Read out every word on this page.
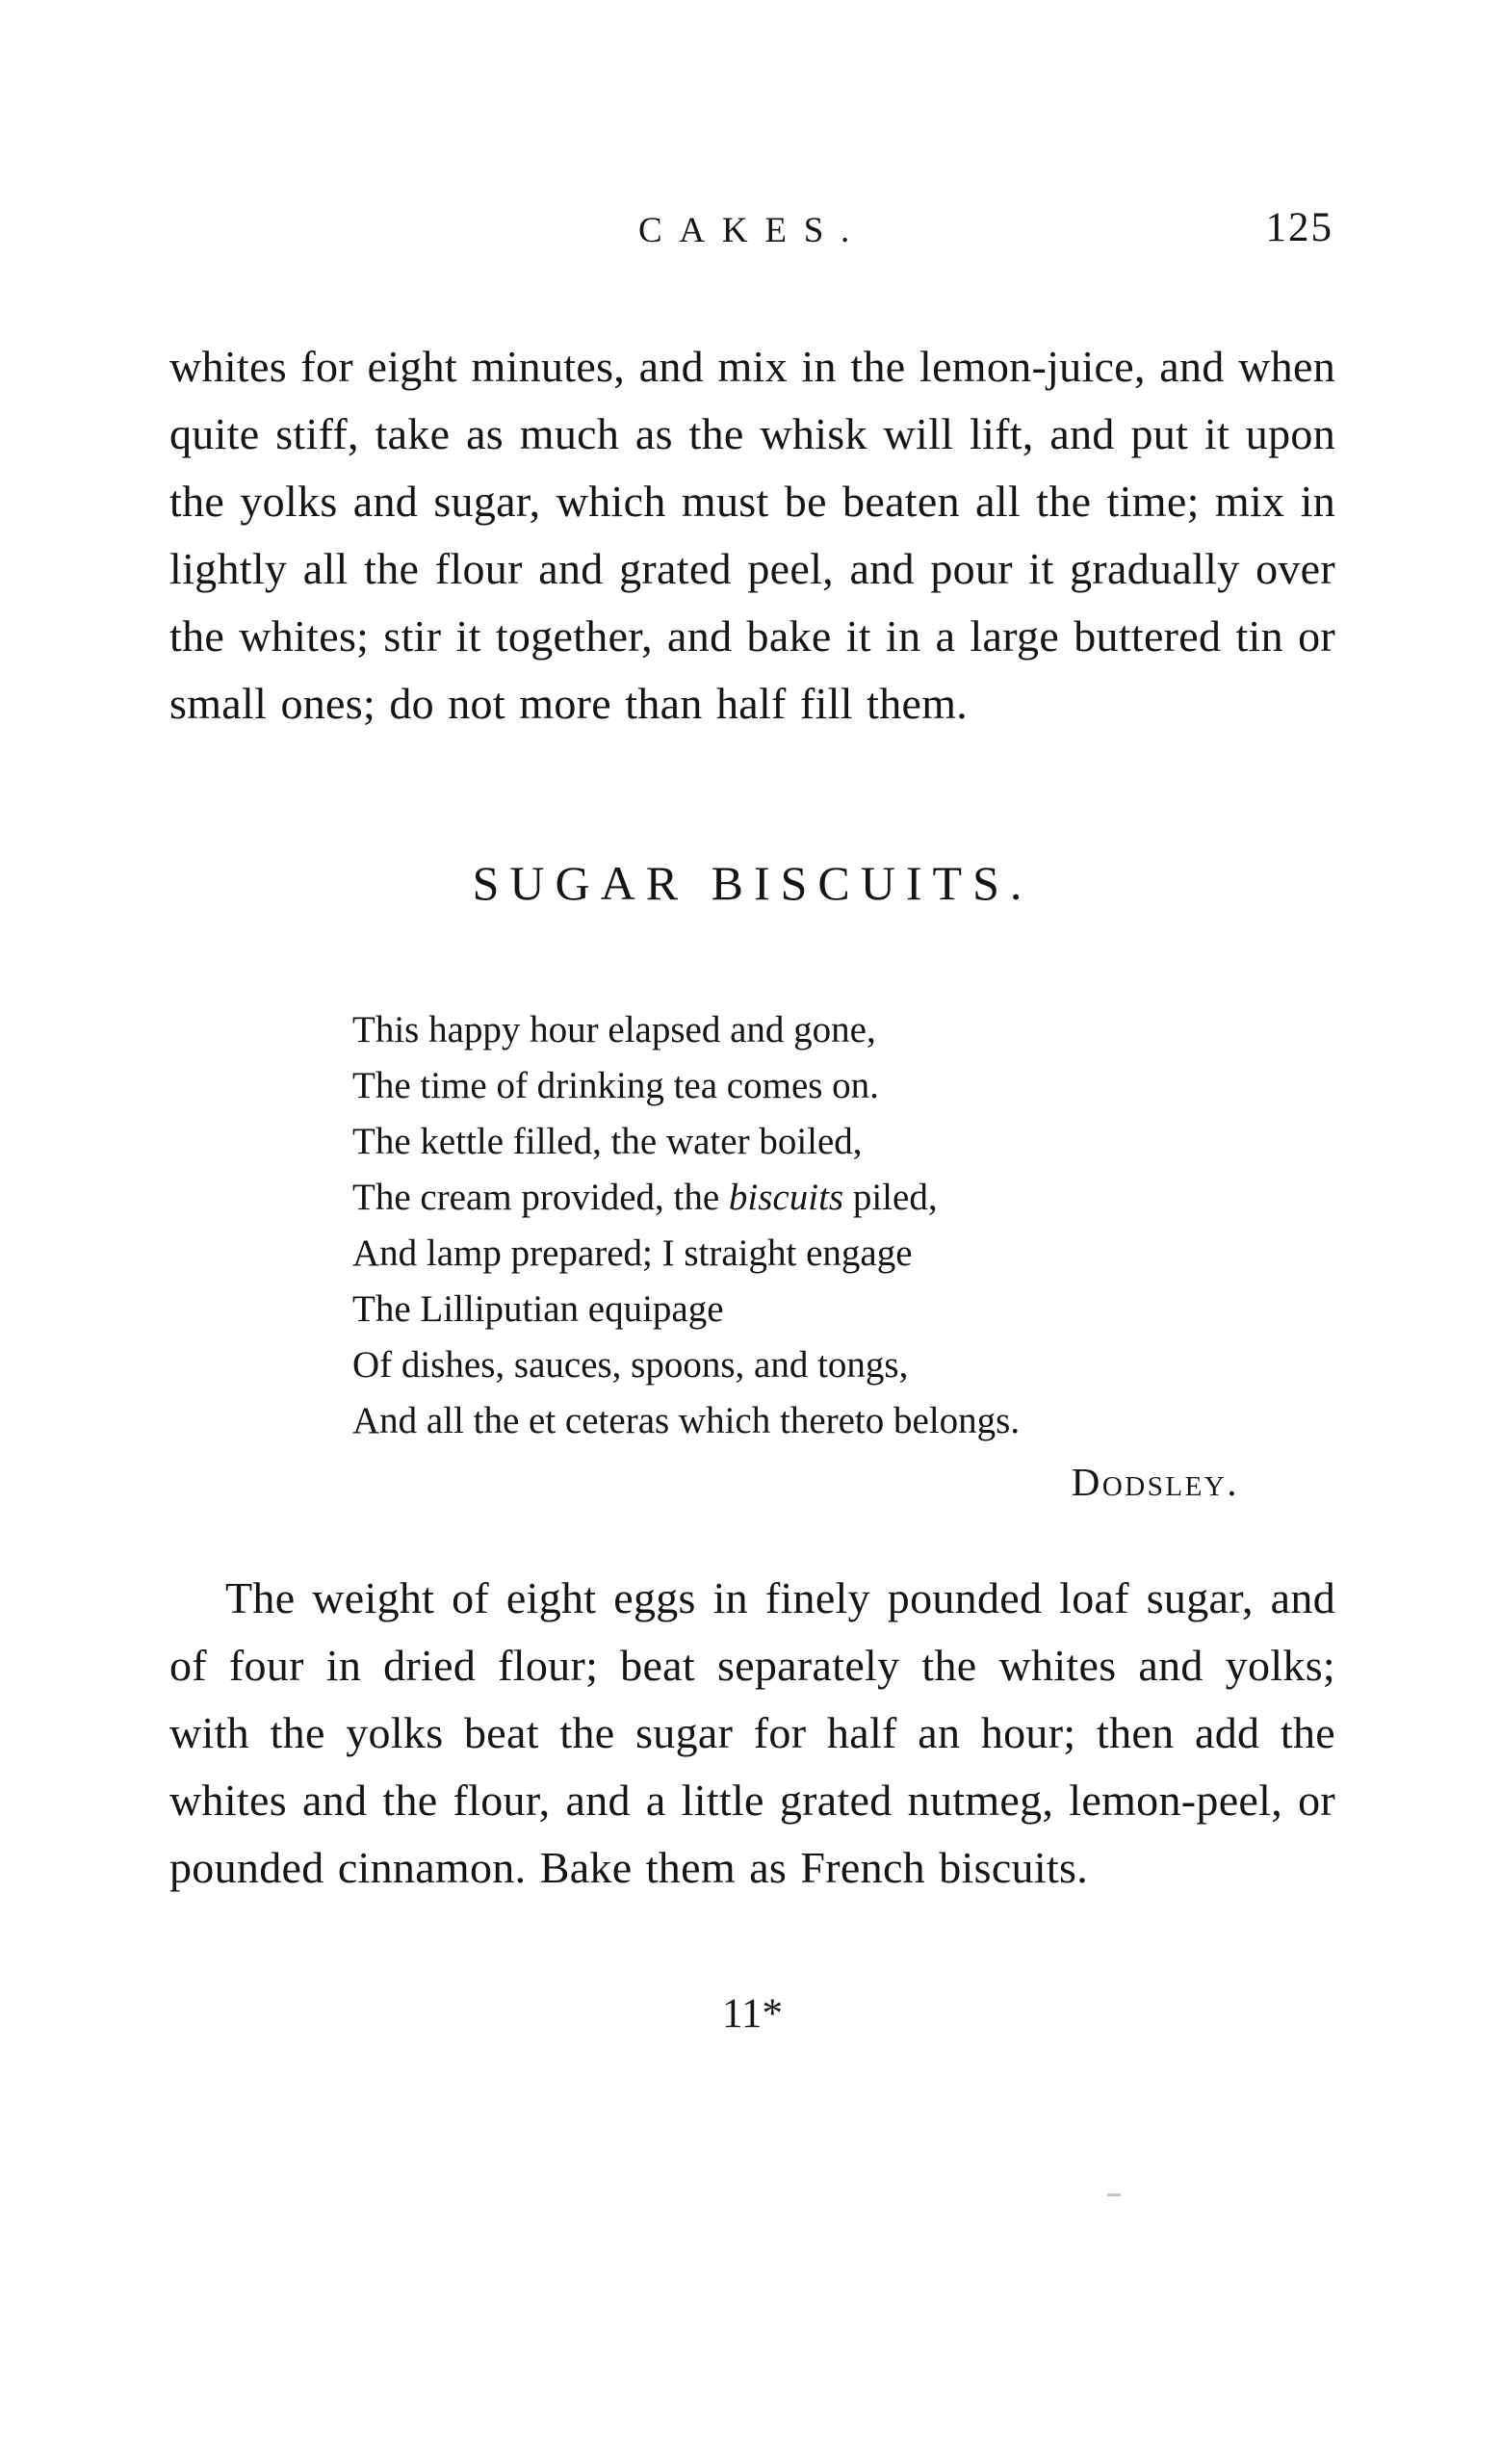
CAKES.	125

whites for eight minutes, and mix in the lemon-juice, and when quite stiff, take as much as the whisk will lift, and put it upon the yolks and sugar, which must be beaten all the time; mix in lightly all the flour and grated peel, and pour it gradually over the whites; stir it together, and bake it in a large buttered tin or small ones; do not more than half fill them.

SUGAR BISCUITS.
This happy hour elapsed and gone,
The time of drinking tea comes on.
The kettle filled, the water boiled,
The cream provided, the biscuits piled,
And lamp prepared; I straight engage
The Lilliputian equipage
Of dishes, sauces, spoons, and tongs,
And all the et ceteras which thereto belongs.
Dodsley.

The weight of eight eggs in finely pounded loaf sugar, and of four in dried flour; beat separately the whites and yolks; with the yolks beat the sugar for half an hour; then add the whites and the flour, and a little grated nutmeg, lemon-peel, or pounded cinnamon. Bake them as French biscuits.

11*
